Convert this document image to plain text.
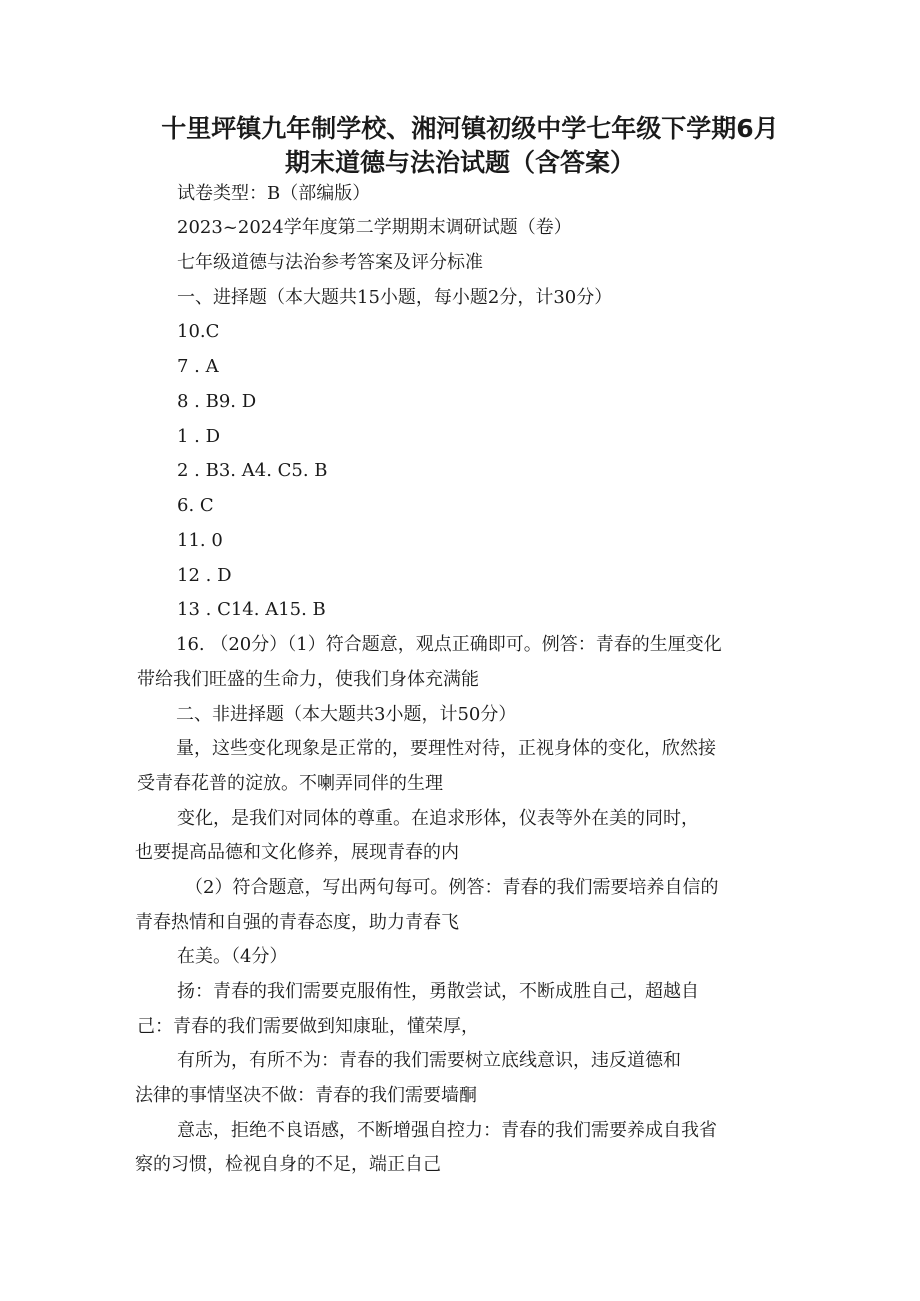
十里坪镇九年制学校、湘河镇初级中学七年级下学期6月
期末道德与法治试题（含答案）

试卷类型：B（部编版）

2023~2024学年度第二学期期末调研试题（卷）

七年级道德与法治参考答案及评分标准

一、进择题（本大题共15小题，每小题2分，计30分）

10.C

7 . A

8 . B9. D

1 . D

2 . B3. A4. C5. B

6. C

11. 0

12 . D

13 . C14. A15. B

16. （20分）（1）符合题意，观点正确即可。例答：青春的生厘变化

带给我们旺盛的生命力，使我们身体充满能

二、非进择题（本大题共3小题，计50分）

量，这些变化现象是正常的，要理性对待，正视身体的变化，欣然接

受青春花普的淀放。不喇弄同伴的生理

变化，是我们对同体的尊重。在追求形体，仪表等外在美的同时，

也要提高品德和文化修养，展现青春的内

（2）符合题意，写出两句每可。例答：青春的我们需要培养自信的

青春热情和自强的青春态度，助力青春飞

在美。（4分）

扬：青春的我们需要克服侑性，勇散尝试，不断成胜自己，超越自

己：青春的我们需要做到知康耻，懂荣厚，

有所为，有所不为：青春的我们需要树立底线意识，违反道德和

法律的事情坚决不做：青春的我们需要墙酮

意志，拒绝不良语感，不断增强自控力：青春的我们需要养成自我省

察的习惯，检视自身的不足，端正自己
